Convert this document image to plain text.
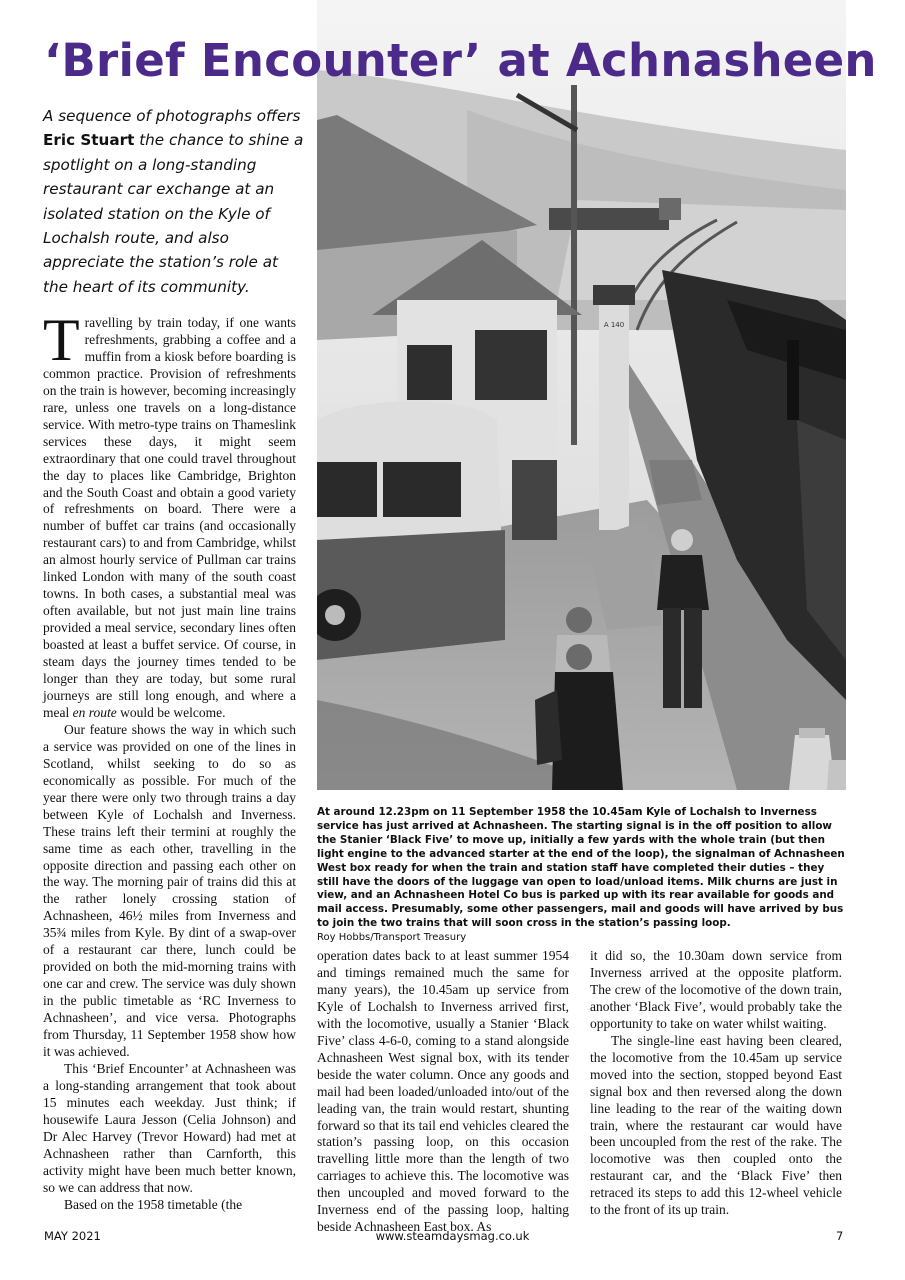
A 140
‘Brief Encounter’ at Achnasheen

A sequence of photographs offers Eric Stuart the chance to shine a spotlight on a long-standing restaurant car exchange at an isolated station on the Kyle of Lochalsh route, and also appreciate the station’s role at the heart of its community.

Travelling by train today, if one wants refreshments, grabbing a coffee and a muffin from a kiosk before boarding is common practice. Provision of refreshments on the train is however, becoming increasingly rare, unless one travels on a long-distance service. With metro-type trains on Thameslink services these days, it might seem extraordinary that one could travel throughout the day to places like Cambridge, Brighton and the South Coast and obtain a good variety of refreshments on board. There were a number of buffet car trains (and occasionally restaurant cars) to and from Cambridge, whilst an almost hourly service of Pullman car trains linked London with many of the south coast towns. In both cases, a substantial meal was often available, but not just main line trains provided a meal service, secondary lines often boasted at least a buffet service. Of course, in steam days the journey times tended to be longer than they are today, but some rural journeys are still long enough, and where a meal en route would be welcome.

Our feature shows the way in which such a service was provided on one of the lines in Scotland, whilst seeking to do so as economically as possible. For much of the year there were only two through trains a day between Kyle of Lochalsh and Inverness. These trains left their termini at roughly the same time as each other, travelling in the opposite direction and passing each other on the way. The morning pair of trains did this at the rather lonely crossing station of Achnasheen, 46½ miles from Inverness and 35¾ miles from Kyle. By dint of a swap-over of a restaurant car there, lunch could be provided on both the mid-morning trains with one car and crew. The service was duly shown in the public timetable as ‘RC Inverness to Achnasheen’, and vice versa. Photographs from Thursday, 11 September 1958 show how it was achieved.

This ‘Brief Encounter’ at Achnasheen was a long-standing arrangement that took about 15 minutes each weekday. Just think; if housewife Laura Jesson (Celia Johnson) and Dr Alec Harvey (Trevor Howard) had met at Achnasheen rather than Carnforth, this activity might have been much better known, so we can address that now.

Based on the 1958 timetable (the

operation dates back to at least summer 1954 and timings remained much the same for many years), the 10.45am up service from Kyle of Lochalsh to Inverness arrived first, with the locomotive, usually a Stanier ‘Black Five’ class 4-6-0, coming to a stand alongside Achnasheen West signal box, with its tender beside the water column. Once any goods and mail had been loaded/unloaded into/out of the leading van, the train would restart, shunting forward so that its tail end vehicles cleared the station’s passing loop, on this occasion travelling little more than the length of two carriages to achieve this. The locomotive was then uncoupled and moved forward to the Inverness end of the passing loop, halting beside Achnasheen East box. As

it did so, the 10.30am down service from Inverness arrived at the opposite platform. The crew of the locomotive of the down train, another ‘Black Five’, would probably take the opportunity to take on water whilst waiting.

The single-line east having been cleared, the locomotive from the 10.45am up service moved into the section, stopped beyond East signal box and then reversed along the down line leading to the rear of the waiting down train, where the restaurant car would have been uncoupled from the rest of the rake. The locomotive was then coupled onto the restaurant car, and the ‘Black Five’ then retraced its steps to add this 12-wheel vehicle to the front of its up train.

At around 12.23pm on 11 September 1958 the 10.45am Kyle of Lochalsh to Inverness service has just arrived at Achnasheen. The starting signal is in the off position to allow the Stanier ‘Black Five’ to move up, initially a few yards with the whole train (but then light engine to the advanced starter at the end of the loop), the signalman of Achnasheen West box ready for when the train and station staff have completed their duties – they still have the doors of the luggage van open to load/unload items. Milk churns are just in view, and an Achnasheen Hotel Co bus is parked up with its rear available for goods and mail access. Presumably, some other passengers, mail and goods will have arrived by bus to join the two trains that will soon cross in the station’s passing loop.
Roy Hobbs/Transport Treasury

MAY 2021	www.steamdaysmag.co.uk	7
